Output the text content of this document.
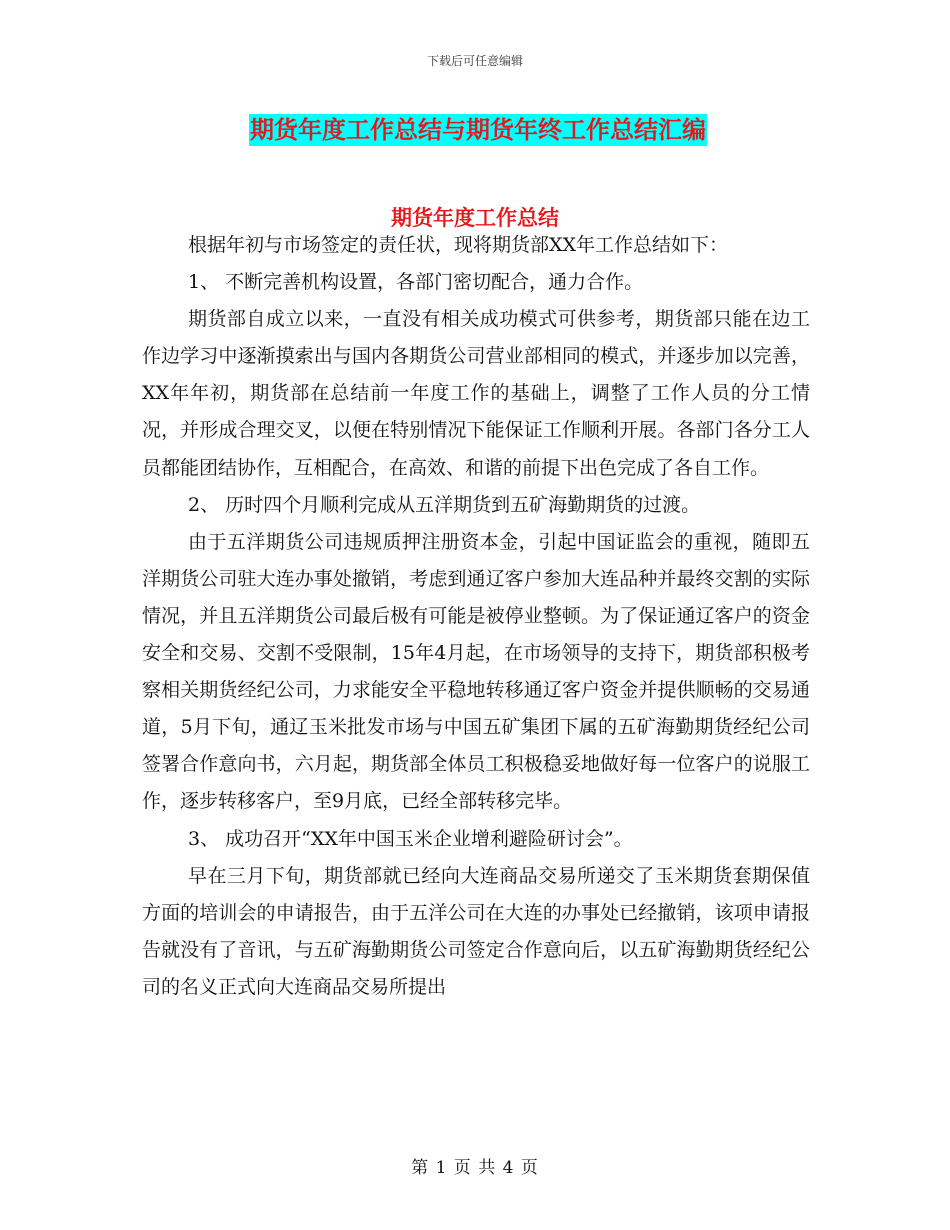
下载后可任意编辑
期货年度工作总结与期货年终工作总结汇编
期货年度工作总结

根据年初与市场签定的责任状，现将期货部XX年工作总结如下：

1、 不断完善机构设置，各部门密切配合，通力合作。

期货部自成立以来，一直没有相关成功模式可供参考，期货部只能在边工作边学习中逐渐摸索出与国内各期货公司营业部相同的模式，并逐步加以完善，XX年年初，期货部在总结前一年度工作的基础上，调整了工作人员的分工情况，并形成合理交叉，以便在特别情况下能保证工作顺利开展。各部门各分工人员都能团结协作，互相配合，在高效、和谐的前提下出色完成了各自工作。

2、 历时四个月顺利完成从五洋期货到五矿海勤期货的过渡。

由于五洋期货公司违规质押注册资本金，引起中国证监会的重视，随即五洋期货公司驻大连办事处撤销，考虑到通辽客户参加大连品种并最终交割的实际情况，并且五洋期货公司最后极有可能是被停业整顿。为了保证通辽客户的资金安全和交易、交割不受限制，15年4月起，在市场领导的支持下，期货部积极考察相关期货经纪公司，力求能安全平稳地转移通辽客户资金并提供顺畅的交易通道，5月下旬，通辽玉米批发市场与中国五矿集团下属的五矿海勤期货经纪公司签署合作意向书，六月起，期货部全体员工积极稳妥地做好每一位客户的说服工作，逐步转移客户，至9月底，已经全部转移完毕。

3、 成功召开“XX年中国玉米企业增利避险研讨会”。

早在三月下旬，期货部就已经向大连商品交易所递交了玉米期货套期保值方面的培训会的申请报告，由于五洋公司在大连的办事处已经撤销，该项申请报告就没有了音讯，与五矿海勤期货公司签定合作意向后，以五矿海勤期货经纪公司的名义正式向大连商品交易所提出

第 1 页 共 4 页
